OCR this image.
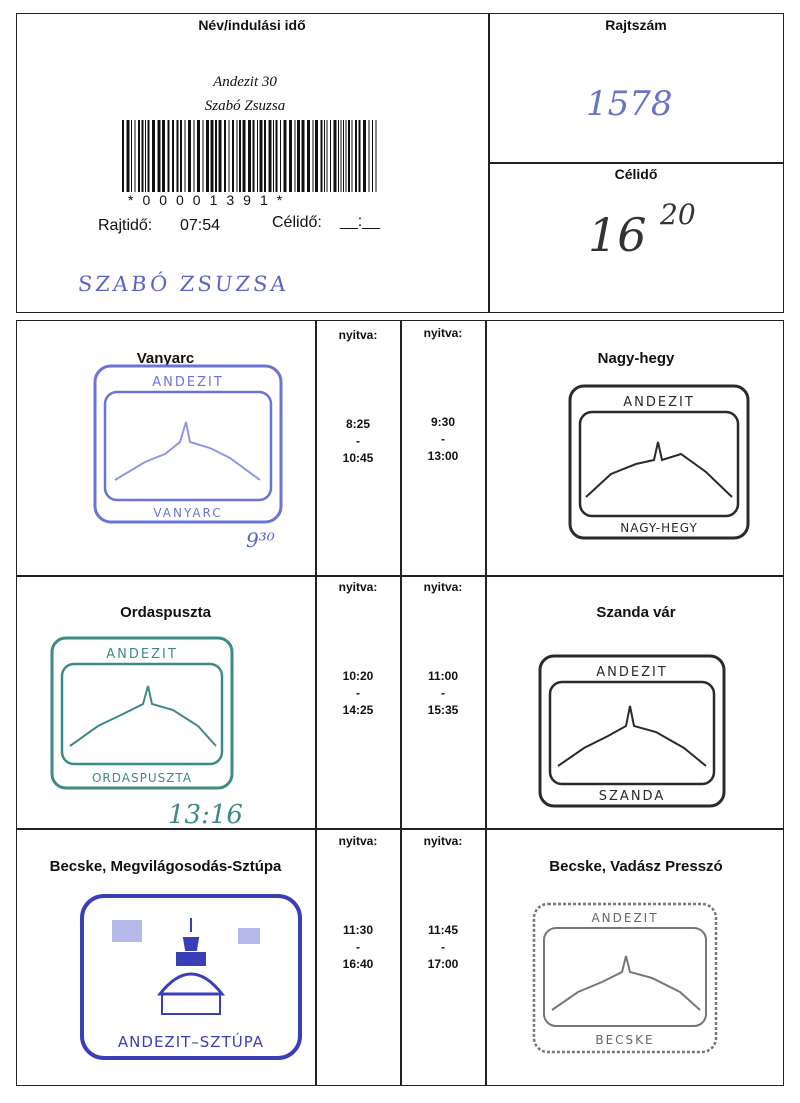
Név/indulási idő
Andezit 30
Szabó Zsuzsa
*00001391*
Rajtidő: 07:54	Célidő: __:__
SZABÓ ZSUZSA
Rajtszám
1578
Célidő
16 20
Vanyarc
nyitva:
8:25
-
10:45
nyitva:
9:30
-
13:00
Nagy-hegy
ANDEZIT
VANYARC
9³⁰
ANDEZIT
NAGY-HEGY
Ordaspuszta
nyitva:
10:20
-
14:25
nyitva:
11:00
-
15:35
Szanda vár
ANDEZIT
ORDASPUSZTA
13:16
ANDEZIT
SZANDA
Becske, Megvilágosodás-Sztúpa
nyitva:
11:30
-
16:40
nyitva:
11:45
-
17:00
Becske, Vadász Presszó
ANDEZIT–SZTÚPA
ANDEZIT
BECSKE
